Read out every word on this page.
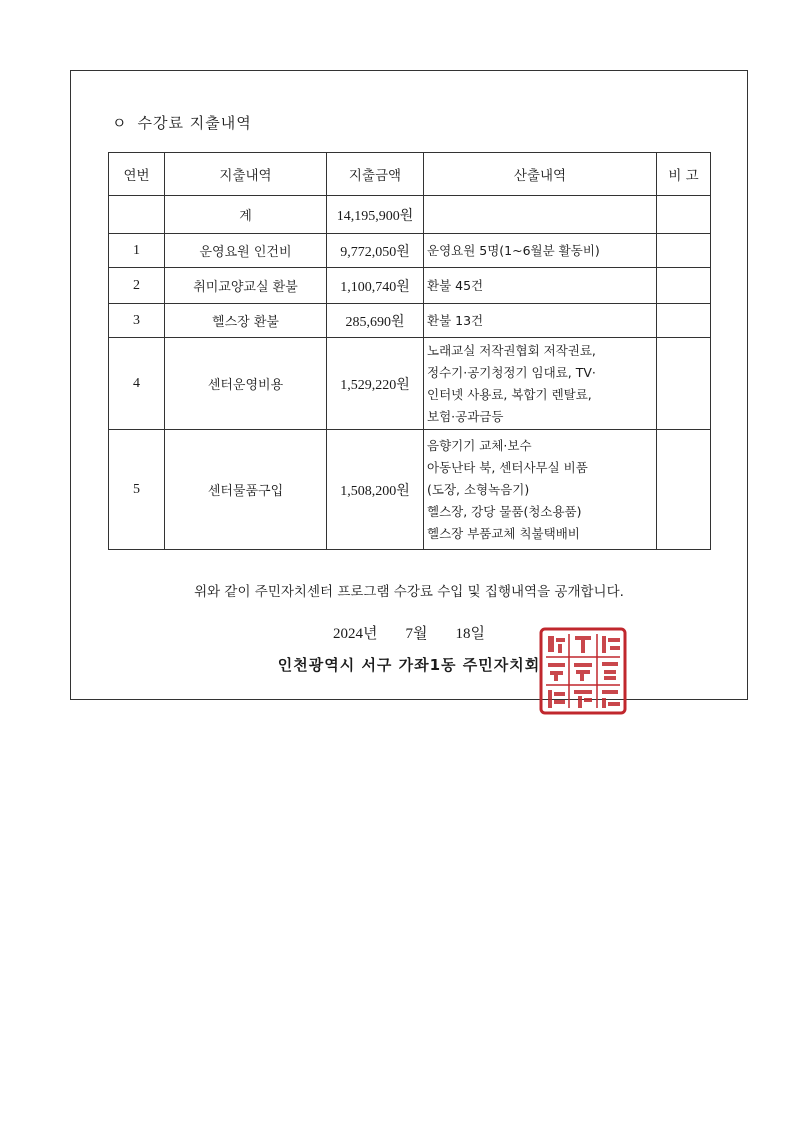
ㅇ 수강료 지출내역
연번	지출내역	지출금액	산출내역	비 고
	계	14,195,900원		
1	운영요원 인건비	9,772,050원	운영요원 5명(1~6월분 활동비)	

2	취미교양교실 환불	1,100,740원	환불 45건	

3	헬스장 환불	285,690원	환불 13건	

4	센터운영비용	1,529,220원	노래교실 저작권협회 저작권료,
정수기·공기청정기 임대료, TV·
인터넷 사용료, 복합기 렌탈료,
보험·공과금등	

5	센터물품구입	1,508,200원	음향기기 교체·보수
아동난타 북, 센터사무실 비품
(도장, 소형녹음기)
헬스장, 강당 물품(청소용품)
헬스장 부품교체 칙불택배비	

위와 같이 주민자치센터 프로그램 수강료 수입 및 집행내역을 공개합니다.
2024년 7월 18일
인천광역시 서구 가좌1동 주민자치회
